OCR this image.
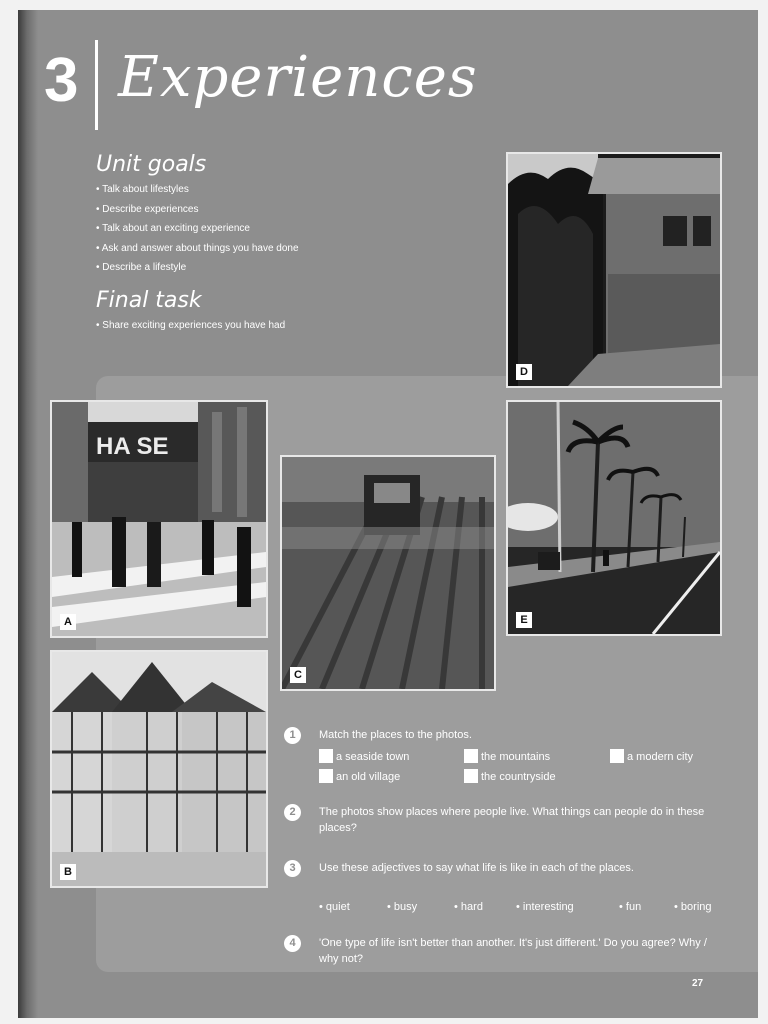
3 Experiences
Unit goals
• Talk about lifestyles
• Describe experiences
• Talk about an exciting experience
• Ask and answer about things you have done
• Describe a lifestyle
Final task
• Share exciting experiences you have had
D
HA SE
A
C
E
B
1	Match the places to the photos.
a seaside town	the mountains	a modern city
an old village	the countryside
2	The photos show places where people live. What things can people do in these places?
3	Use these adjectives to say what life is like in each of the places.
• quiet	• busy	• hard	• interesting	• fun	• boring
4	'One type of life isn't better than another. It's just different.' Do you agree? Why / why not?
27
